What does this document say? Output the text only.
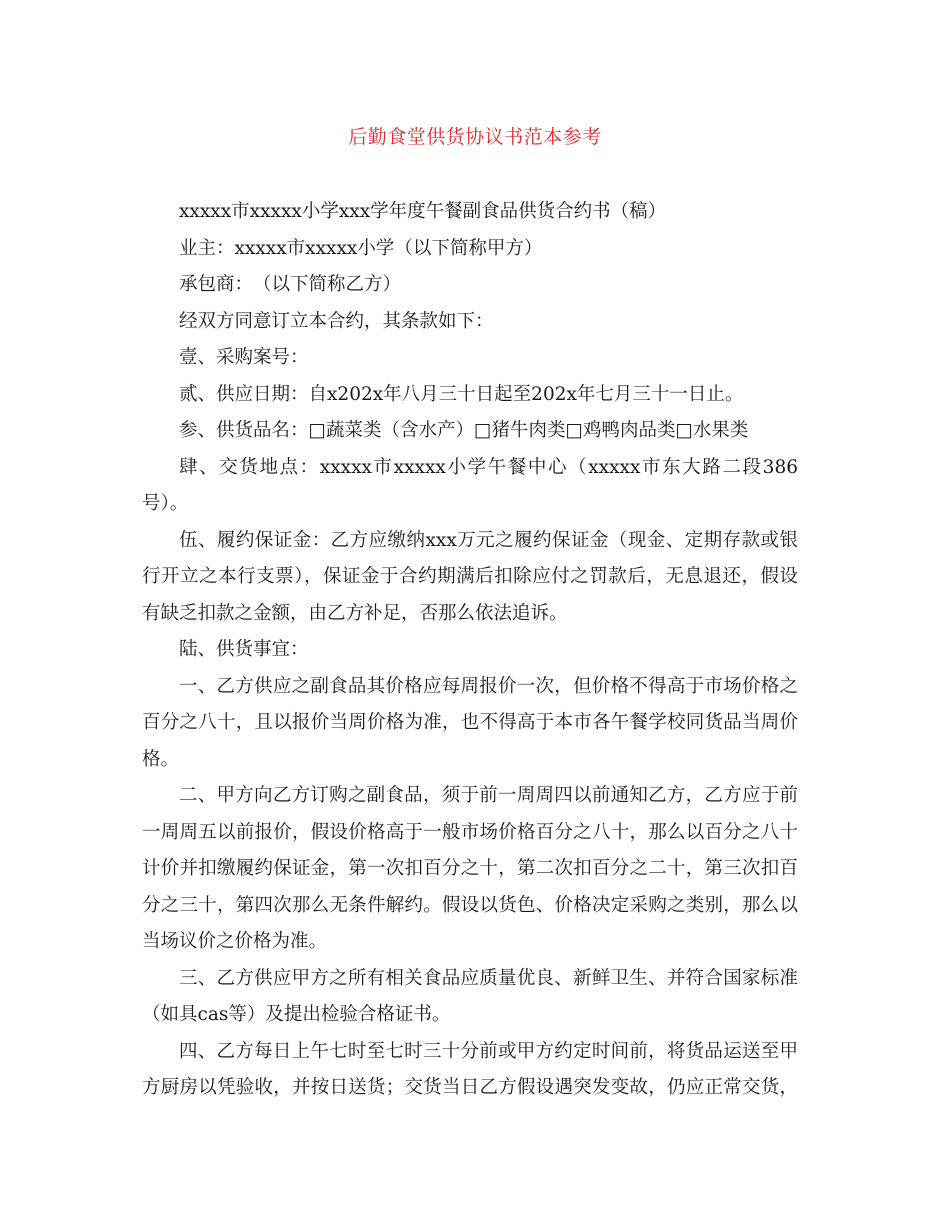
后勤食堂供货协议书范本参考

xxxxx市xxxxx小学xxx学年度午餐副食品供货合约书（稿）

业主：xxxxx市xxxxx小学（以下简称甲方）

承包商：　（以下简称乙方）

经双方同意订立本合约，其条款如下：

壹、采购案号：

贰、供应日期：自x202x年八月三十日起至202x年七月三十一日止。

参、供货品名：□蔬菜类（含水产）□猪牛肉类□鸡鸭肉品类□水果类

肆、交货地点：xxxxx市xxxxx小学午餐中心（xxxxx市东大路二段386号）。

伍、履约保证金：乙方应缴纳xxx万元之履约保证金（现金、定期存款或银行开立之本行支票），保证金于合约期满后扣除应付之罚款后，无息退还，假设有缺乏扣款之金额，由乙方补足，否那么依法追诉。

陆、供货事宜：

一、乙方供应之副食品其价格应每周报价一次，但价格不得高于市场价格之百分之八十，且以报价当周价格为准，也不得高于本市各午餐学校同货品当周价格。

二、甲方向乙方订购之副食品，须于前一周周四以前通知乙方，乙方应于前一周周五以前报价，假设价格高于一般市场价格百分之八十，那么以百分之八十计价并扣缴履约保证金，第一次扣百分之十，第二次扣百分之二十，第三次扣百分之三十，第四次那么无条件解约。假设以货色、价格决定采购之类别，那么以当场议价之价格为准。

三、乙方供应甲方之所有相关食品应质量优良、新鲜卫生、并符合国家标准（如具cas等）及提出检验合格证书。

四、乙方每日上午七时至七时三十分前或甲方约定时间前，将货品运送至甲方厨房以凭验收，并按日送货；交货当日乙方假设遇突发变故，仍应正常交货，
